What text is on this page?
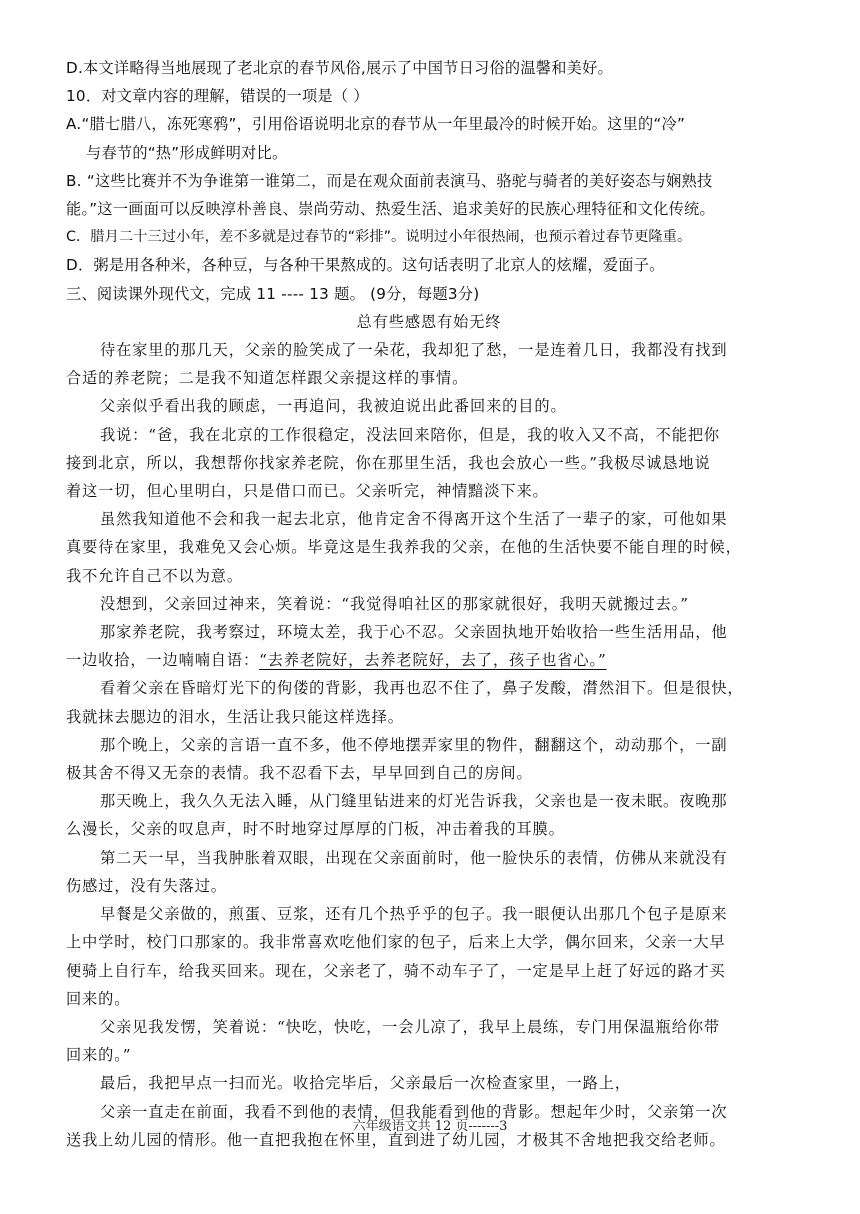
D.本文详略得当地展现了老北京的春节风俗,展示了中国节日习俗的温馨和美好。
10．对文章内容的理解，错误的一项是（ ）
A.“腊七腊八，冻死寒鸦”，引用俗语说明北京的春节从一年里最冷的时候开始。这里的“冷”
与春节的“热”形成鲜明对比。
B. “这些比赛并不为争谁第一谁第二，而是在观众面前表演马、骆驼与骑者的美好姿态与娴熟技
能。”这一画面可以反映淳朴善良、崇尚劳动、热爱生活、追求美好的民族心理特征和文化传统。
C．腊月二十三过小年，差不多就是过春节的“彩排”。说明过小年很热闹，也预示着过春节更隆重。
D．粥是用各种米，各种豆，与各种干果熬成的。这句话表明了北京人的炫耀，爱面子。
三、阅读课外现代文，完成 11 ---- 13 题。 (9分，每题3分)
总有些感恩有始无终
待在家里的那几天，父亲的脸笑成了一朵花，我却犯了愁，一是连着几日，我都没有找到
合适的养老院；二是我不知道怎样跟父亲提这样的事情。
父亲似乎看出我的顾虑，一再追问，我被迫说出此番回来的目的。
我说：“爸，我在北京的工作很稳定，没法回来陪你，但是，我的收入又不高，不能把你
接到北京，所以，我想帮你找家养老院，你在那里生活，我也会放心一些。”我极尽诚恳地说
着这一切，但心里明白，只是借口而已。父亲听完，神情黯淡下来。
虽然我知道他不会和我一起去北京，他肯定舍不得离开这个生活了一辈子的家，可他如果
真要待在家里，我难免又会心烦。毕竟这是生我养我的父亲，在他的生活快要不能自理的时候，
我不允许自己不以为意。
没想到，父亲回过神来，笑着说：“我觉得咱社区的那家就很好，我明天就搬过去。”
那家养老院，我考察过，环境太差，我于心不忍。父亲固执地开始收拾一些生活用品，他
一边收拾，一边喃喃自语：“去养老院好，去养老院好，去了，孩子也省心。”
看着父亲在昏暗灯光下的佝偻的背影，我再也忍不住了，鼻子发酸，潸然泪下。但是很快，
我就抹去腮边的泪水，生活让我只能这样选择。
那个晚上，父亲的言语一直不多，他不停地摆弄家里的物件，翻翻这个，动动那个，一副
极其舍不得又无奈的表情。我不忍看下去，早早回到自己的房间。
那天晚上，我久久无法入睡，从门缝里钻进来的灯光告诉我，父亲也是一夜未眠。夜晚那
么漫长，父亲的叹息声，时不时地穿过厚厚的门板，冲击着我的耳膜。
第二天一早，当我肿胀着双眼，出现在父亲面前时，他一脸快乐的表情，仿佛从来就没有
伤感过，没有失落过。
早餐是父亲做的，煎蛋、豆浆，还有几个热乎乎的包子。我一眼便认出那几个包子是原来
上中学时，校门口那家的。我非常喜欢吃他们家的包子，后来上大学，偶尔回来，父亲一大早
便骑上自行车，给我买回来。现在，父亲老了，骑不动车子了，一定是早上赶了好远的路才买
回来的。
父亲见我发愣，笑着说：“快吃，快吃，一会儿凉了，我早上晨练，专门用保温瓶给你带
回来的。”
最后，我把早点一扫而光。收拾完毕后，父亲最后一次检查家里，一路上，
父亲一直走在前面，我看不到他的表情，但我能看到他的背影。想起年少时，父亲第一次
送我上幼儿园的情形。他一直把我抱在怀里，直到进了幼儿园，才极其不舍地把我交给老师。
六年级语文共 12 页-------3
